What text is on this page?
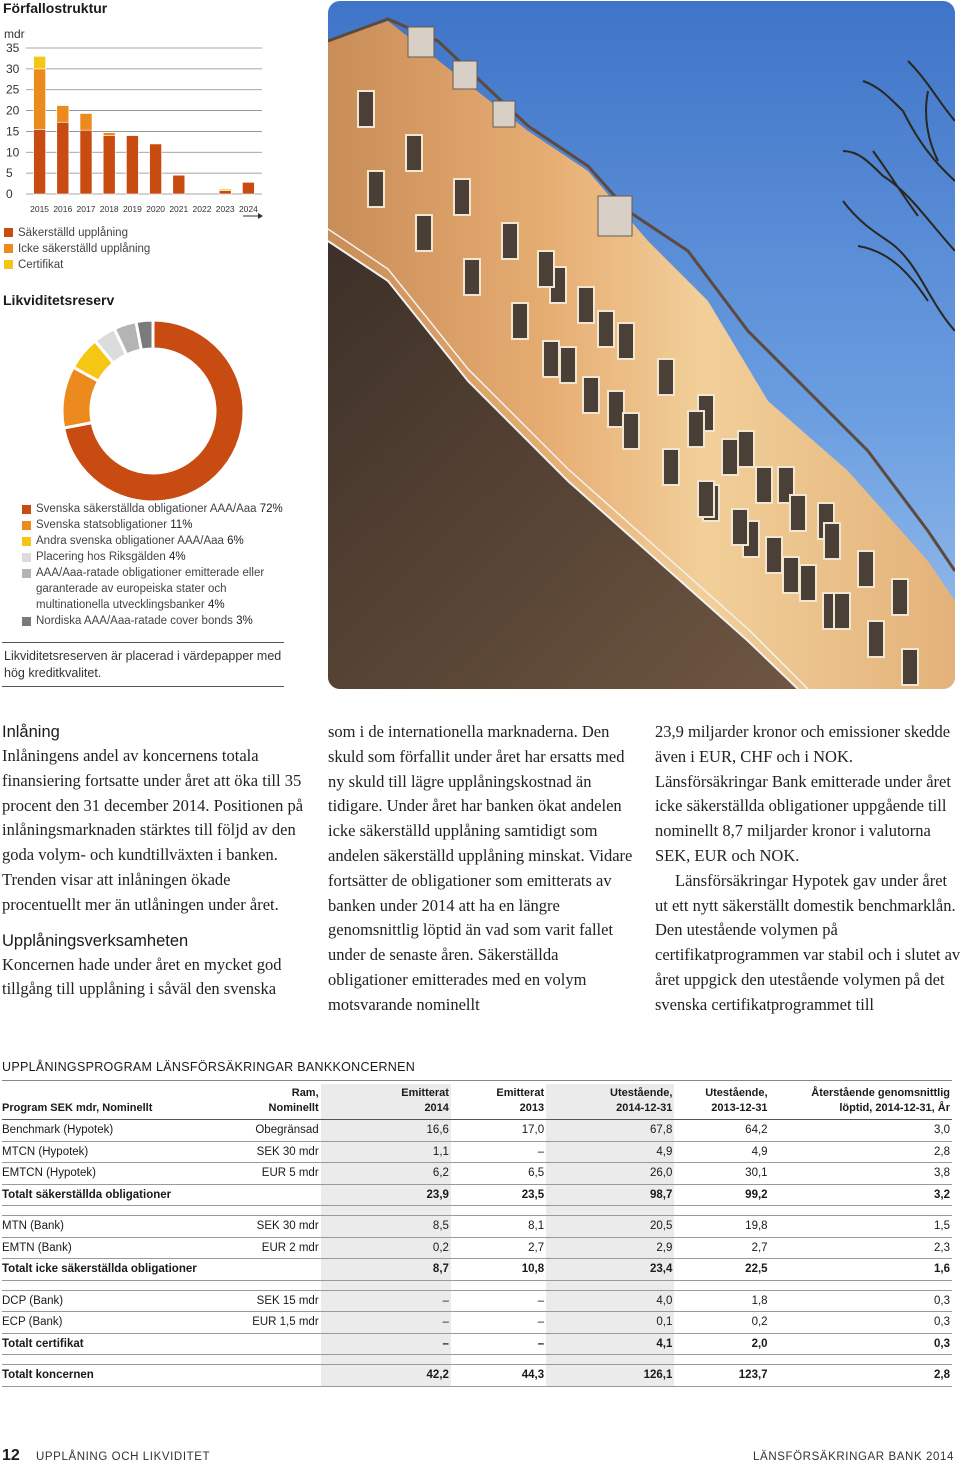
Förfallostruktur
mdr
0
5
10
15
20
25
30
35
2015 2016 2017 2018 2019 2020 2021 2022 2023 2024
Säkerställd upplåning
Icke säkerställd upplåning
Certifikat
Likviditetsreserv
Svenska säkerställda obligationer AAA/Aaa 72%
Svenska statsobligationer 11%
Andra svenska obligationer AAA/Aaa 6%
Placering hos Riksgälden 4%
AAA/Aaa-ratade obligationer emitterade eller garanterade av europeiska stater och multinationella utvecklingsbanker 4%
Nordiska AAA/Aaa-ratade cover bonds 3%
Likviditetsreserven är placerad i värdepapper med hög kreditkvalitet.
Inlåning

Inlåningens andel av koncernens totala finansiering fortsatte under året att öka till 35 procent den 31 december 2014. Positionen på inlåningsmarknaden stärktes till följd av den goda volym- och kundtillväxten i banken. Trenden visar att inlåningen ökade procentuellt mer än utlåningen under året.

Upplåningsverksamheten

Koncernen hade under året en mycket god tillgång till upplåning i såväl den svenska

som i de internationella marknaderna. Den skuld som förfallit under året har ersatts med ny skuld till lägre upplåningskostnad än tidigare. Under året har banken ökat andelen icke säkerställd upplåning samtidigt som andelen säkerställd upplåning minskat. Vidare fortsätter de obligationer som emitterats av banken under 2014 att ha en längre genomsnittlig löptid än vad som varit fallet under de senaste åren. Säkerställda obligationer emitterades med en volym motsvarande nominellt

23,9 miljarder kronor och emissioner skedde även i EUR, CHF och i NOK. Länsförsäkringar Bank emitterade under året icke säkerställda obligationer uppgående till nominellt 8,7 miljarder kronor i valutorna SEK, EUR och NOK.

Länsförsäkringar Hypotek gav under året ut ett nytt säkerställt domestik benchmarklån. Den utestående volymen på certifikatprogrammen var stabil och i slutet av året uppgick den utestående volymen på det svenska certifikatprogrammet till

UPPLÅNINGSPROGRAM LÄNSFÖRSÄKRINGAR BANKKONCERNEN
Program SEK mdr, Nominellt	Ram, Nominellt	Emitterat 2014	Emitterat 2013	Utestående, 2014-12-31	Utestående, 2013-12-31	Återstående genomsnittlig löptid, 2014-12-31, År
Benchmark (Hypotek)	Obegränsad	16,6	17,0	67,8	64,2	3,0
MTCN (Hypotek)	SEK 30 mdr	1,1	–	4,9	4,9	2,8
EMTCN (Hypotek)	EUR 5 mdr	6,2	6,5	26,0	30,1	3,8
Totalt säkerställda obligationer		23,9	23,5	98,7	99,2	3,2

MTN (Bank)	SEK 30 mdr	8,5	8,1	20,5	19,8	1,5
EMTN (Bank)	EUR 2 mdr	0,2	2,7	2,9	2,7	2,3
Totalt icke säkerställda obligationer		8,7	10,8	23,4	22,5	1,6

DCP (Bank)	SEK 15 mdr	–	–	4,0	1,8	0,3
ECP (Bank)	EUR 1,5 mdr	–	–	0,1	0,2	0,3
Totalt certifikat		–	–	4,1	2,0	0,3

Totalt koncernen		42,2	44,3	126,1	123,7	2,8
12 UPPLÅNING OCH LIKVIDITET	LÄNSFÖRSÄKRINGAR BANK 2014
